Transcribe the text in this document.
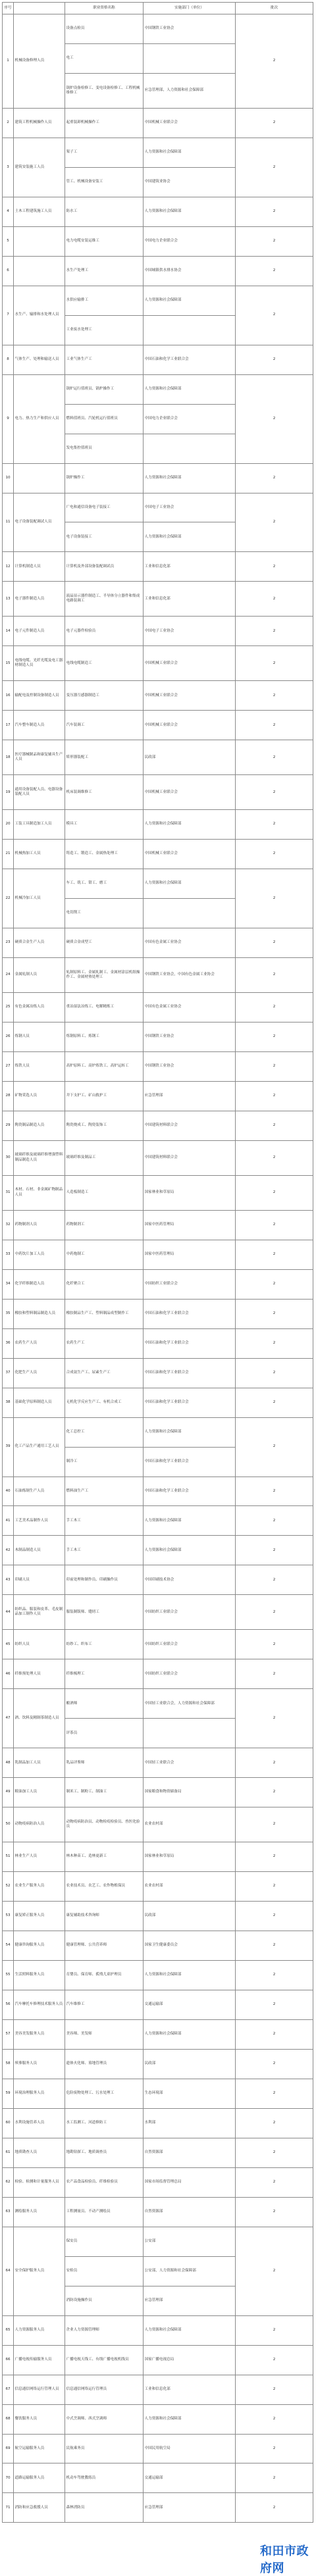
序号		职业资格名称	实施部门（单位）	批次
1	机械设备修理人员	设备点检员	中国钢铁工业协会	2
		电工		
		锅炉设备检修工、变电设备检修工、工程机械维修工	应急管理部，人力资源和社会保障部	
2	建筑工程机械操作人员	起重装卸机械操作工	中国机械工业联合会	2
3	建筑安装施工人员	架子工	人力资源和社会保障部	2
		管工、机械设备安装工	中国建筑业协会	
4	土木工程建筑施工人员	防水工	人力资源和社会保障部	2
5		电力电缆安装运维工	中国电力企业联合会	2
6		水生产处理工	中国城镇供水排水协会	2
7	水生产、输排和水处理人员	水供应输排工	人力资源和社会保障部	2
		工业废水处理工		
8	气体生产、处理和输送人员	工业气体生产工	中国石油和化学工业联合会	2
9	电力、热力生产和供应人员	锅炉运行值班员、锅炉操作工	人力资源和社会保障部	2
		燃料值班员、汽轮机运行值班员	中国电力企业联合会	
		发电集控值班员		
10		锅炉操作工	人力资源和社会保障部	2
11	电子设备装配调试人员	广电和通信设备电子装接工	中国电子工业协会	2
		电子设备装接工	人力资源和社会保障部	
12	计算机制造人员	计算机及外部设备装配调试员	工业和信息化部	2
13	电子器件制造人员	液晶显示器件制造工、半导体分立器件和集成电路装调工	工业和信息化部	2
14	电子元件制造人员	电子元器件检验员	中国电子工业协会	2
15	电线电缆、光纤光缆及电工器材制造人员	电线电缆制造工	中国机械工业联合会	2
16	输配电及控制设备制造人员	变压器互感器制造工	中国机械工业联合会	2
17	汽车整车制造人员	汽车装调工	中国机械工业联合会	2
18	医疗器械制品和康复辅具生产人员	矫形器装配工	民政部	2
19	通用设备装配人员、电器设备装配人员	机床装调维修工	中国机械工业联合会	2
20	工装工具制造加工人员	模具工	人力资源和社会保障部	2
21	机械热加工人员	铸造工、锻造工、金属热处理工	中国机械工业联合会	2
22	机械冷加工人员	车工、铣工、钳工、磨工	人力资源和社会保障部	2
		电切削工		
23	硬质合金生产人员	硬质合金成型工	中国有色金属工业协会	2
24	金属轧制人员	轧制原料工、金属轧制工、金属材涂层机组操作工、金属材热处理工	中国钢铁工业协会，中国有色金属工业协会	2
25	有色金属冶炼人员	重冶湿法冶炼工、电解精炼工	中国有色金属工业协会	2
26	炼钢人员	炼钢原料工、炼钢工	中国钢铁工业协会	2
27	炼铁人员	高炉原料工、高炉炼铁工、高炉运转工	中国钢铁工业协会	2
28	矿物采选人员	井下支护工、矿山救护工	应急管理部	2
29	陶瓷制品制造人员	陶瓷烧成工、陶瓷装饰工	中国建筑材料联合会	2
30	玻璃纤维及玻璃纤维增强塑料制品制造人员	玻璃纤维及制品工	中国建筑材料联合会	2
31	木材、石材、非金属矿物制品人员	人造板制造工	国家林业和草原局	2
32	药物制剂人员	药物制剂工	国家中医药管理局	2
33	中药饮片加工人员	中药炮制工	国家中医药管理局	2
34	化学纤维制造人员	化纤聚合工	中国纺织工业联合会	2
35	橡胶和塑料制品制造人员	橡胶制品生产工、塑料制品成型制作工	中国石油和化学工业联合会	2
36	农药生产人员	农药生产工	中国石油和化学工业联合会	2
37	化肥生产人员	合成氨生产工、尿素生产工	中国石油和化学工业联合会	2
38	基础化学原料制造人员	无机化学反应生产工、有机合成工	中国石油和化学工业联合会	2
39	化工产品生产通用工艺人员	化工总控工	人力资源和社会保障部	2
		制冷工	中国石油和化学工业联合会	
40	石油炼制生产人员	燃料油生产工	中国石油和化学工业联合会	2
41	工艺美术品制作人员	手工木工	人力资源和社会保障部	2
42	木制品制造人员	手工木工	人力资源和社会保障部	2
43	印刷人员	印前处理和制作员、印刷操作员	中国印刷技术协会	2
44	纺织品、服装和皮革、毛皮制品加工制作人员	服装制版师、缝纫工	中国纺织工业联合会	2
45	纺织人员	纺纱工、织布工	中国纺织工业联合会	2
46	纤维预处理人员	纤维梳理工	中国纺织工业联合会	2
47	酒、饮料及精制茶制造人员	酿酒师	中国轻工业联合会，人力资源和社会保障部	2
		评茶员		
48	乳制品加工人员	乳品评鉴师	中国轻工业联合会	2
49	粮油加工人员	制米工、制粉工、制油工	国家粮食和物资储备局	2
50	动物疫病防治人员	动物疫病防治员、动物检疫检验员、兽医化验员	农业农村部	2
51	林业生产人员	林木种苗工、造林更新工	国家林业和草原局	2
52	农业生产服务人员	农业技术员、农艺工、农作物植保员	农业农村部	2
53	康复矫正服务人员	康复辅助技术咨询师	民政部	2
54	健康咨询服务人员	健康管理师、公共营养师	国家卫生健康委员会	2
55	生活照料服务人员	育婴员、保育师、孤残儿童护理员	人力资源和社会保障部	2
56	汽车摩托车修理技术服务人员	汽车维修工	交通运输部	2
57	美容美发服务人员	美容师、美发师	人力资源和社会保障部	2
58	殡葬服务人员	遗体火化师、墓地管理员	民政部	2
59	环境治理服务人员	危险废物处理工、污水处理工	生态环境部	2
60	水利设施管养人员	水工监测工、河道修防工	水利部	2
61	地质勘查人员	地勘钻探工、地质调查员	自然资源部	2
62	检验、检测和计量服务人员	农产品食品检验员、纤维检验员	国家市场监督管理总局	2
63	测绘服务人员	工程测量员、不动产测绘员	自然资源部	2
64	安全保护服务人员	保安员	公安部	2
		安检员	公安部，人力资源和社会保障部	
		消防设施操作员	应急管理部	
65	人力资源服务人员	企业人力资源管理师	人力资源和社会保障部	2
66	广播电视传输服务人员	广播电视天线工、有线广播电视机线员	国家广播电视总局	2
67	信息通信网络运行管理人员	信息通信网络运行管理员	工业和信息化部	2
68	餐饮服务人员	中式烹调师、西式烹调师	人力资源和社会保障部	2
69	航空运输服务人员	民航乘务员	中国民用航空局	2
70	道路运输服务人员	机动车驾驶教练员	交通运输部	2
71	消防和应急救援人员	森林消防员	应急管理部	2
和田市政府网
